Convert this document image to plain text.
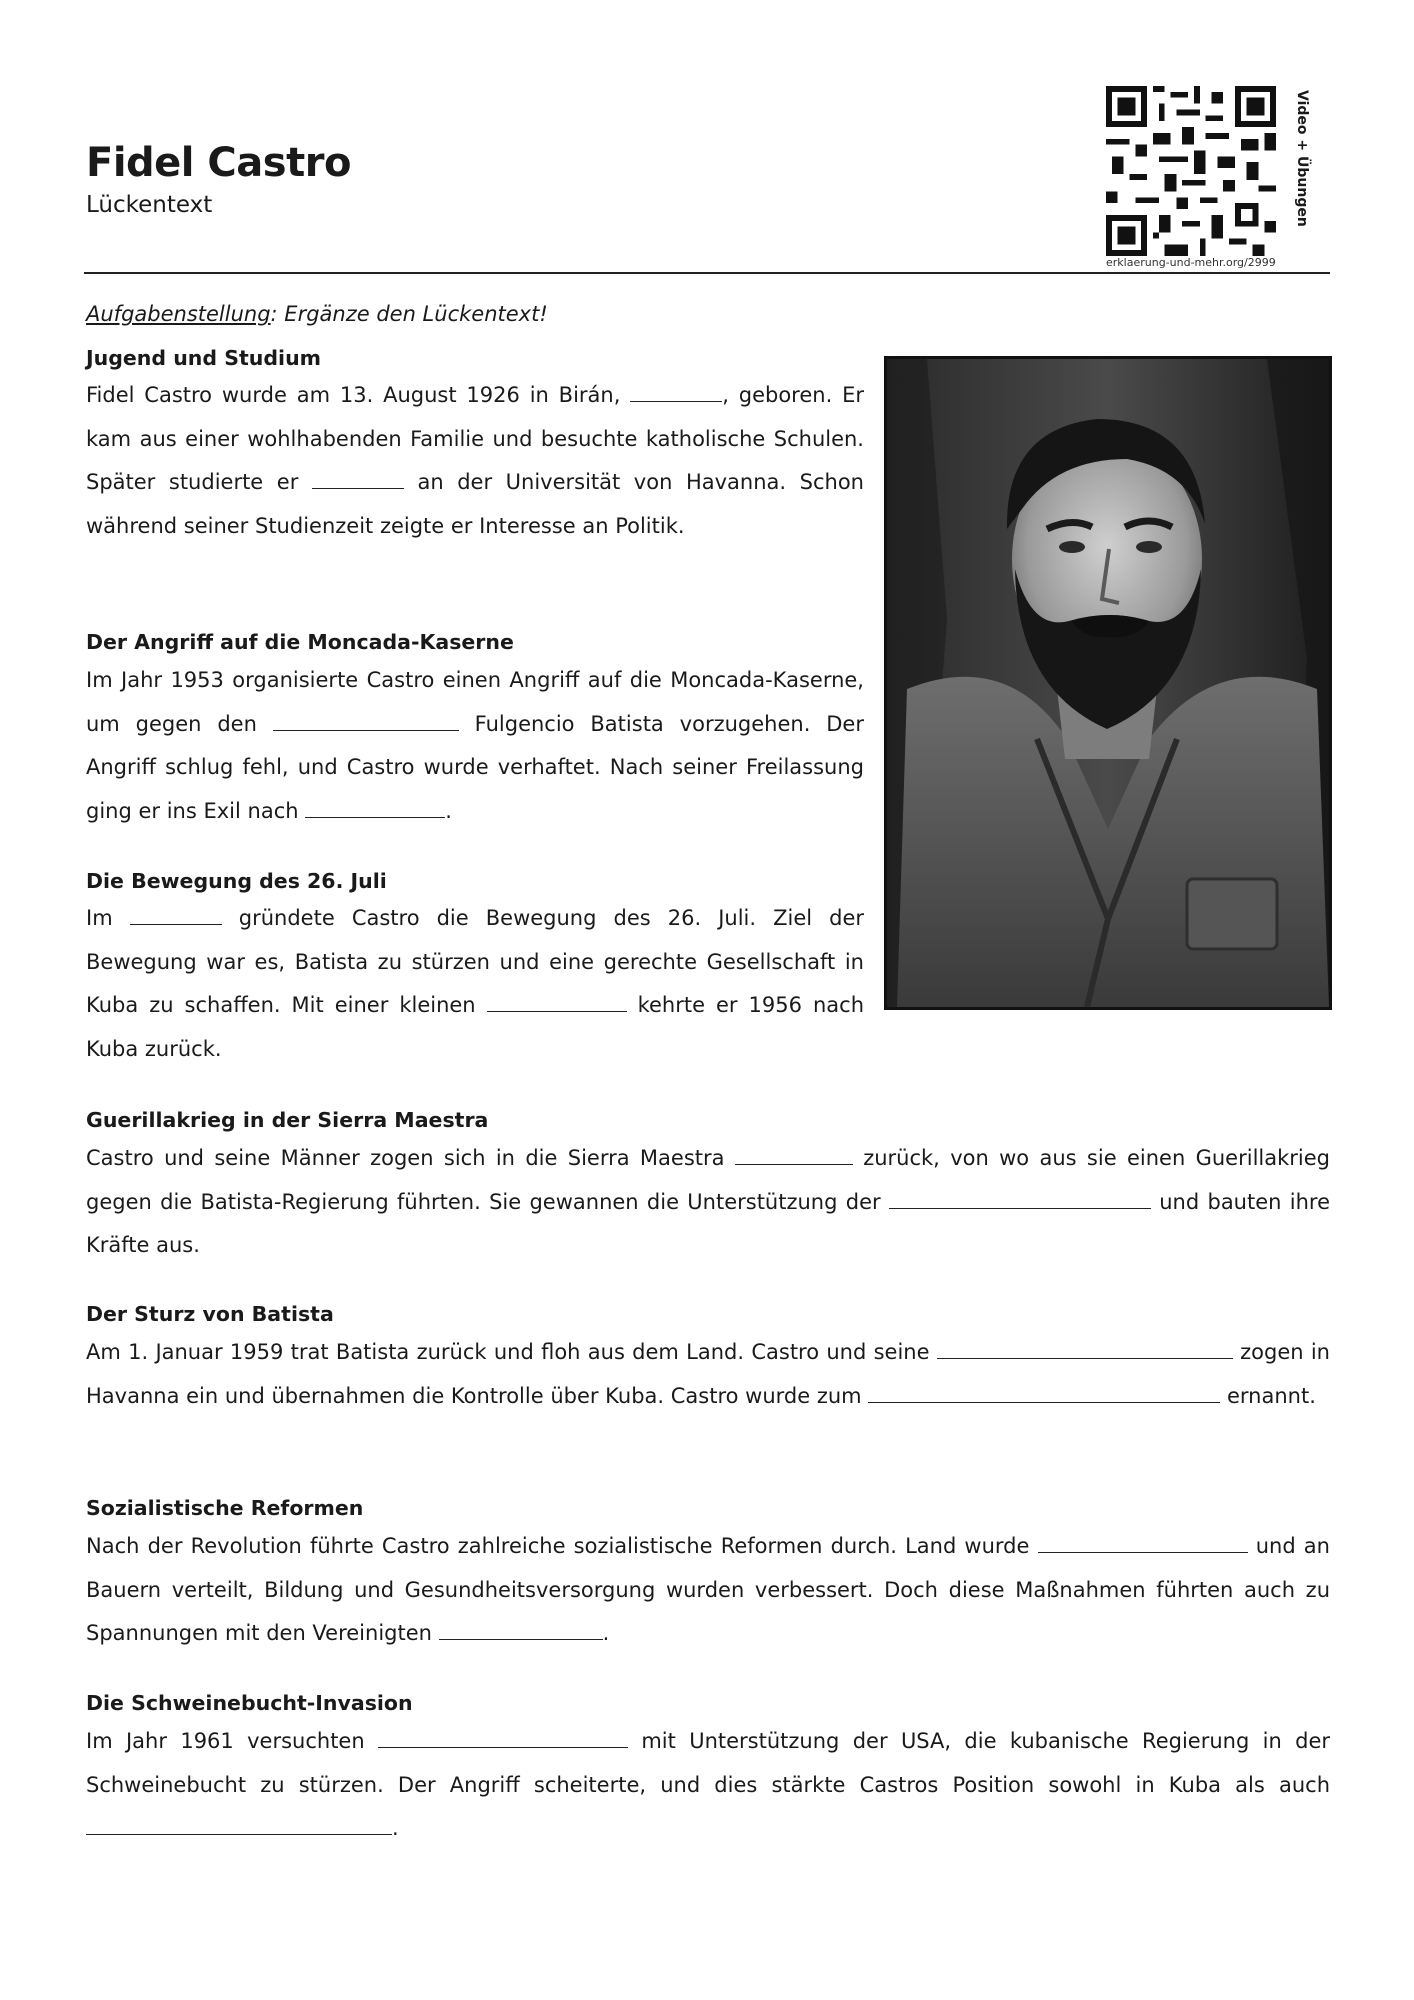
Fidel Castro
Lückentext
erklaerung-und-mehr.org/2999
Video + Übungen
Aufgabenstellung: Ergänze den Lückentext!
Jugend und Studium

Fidel Castro wurde am 13. August 1926 in Birán,	, geboren. Er kam aus einer wohlhabenden Familie und besuchte katholische Schulen. Später studierte er	an der Universität von Havanna. Schon während seiner Studienzeit zeigte er Interesse an Politik.

Der Angriff auf die Moncada-Kaserne

Im Jahr 1953 organisierte Castro einen Angriff auf die Moncada-Kaserne, um gegen den	Fulgencio Batista vorzugehen. Der Angriff schlug fehl, und Castro wurde verhaftet. Nach seiner Freilassung ging er ins Exil nach	.

Die Bewegung des 26. Juli

Im	gründete Castro die Bewegung des 26. Juli. Ziel der Bewegung war es, Batista zu stürzen und eine gerechte Gesellschaft in Kuba zu schaffen. Mit einer kleinen	kehrte er 1956 nach Kuba zurück.

Guerillakrieg in der Sierra Maestra

Castro und seine Männer zogen sich in die Sierra Maestra	zurück, von wo aus sie einen Guerillakrieg gegen die Batista-Regierung führten. Sie gewannen die Unterstützung der	und bauten ihre Kräfte aus.

Der Sturz von Batista

Am 1. Januar 1959 trat Batista zurück und floh aus dem Land. Castro und seine	zogen in Havanna ein und übernahmen die Kontrolle über Kuba. Castro wurde zum	ernannt.

Sozialistische Reformen

Nach der Revolution führte Castro zahlreiche sozialistische Reformen durch. Land wurde	und an Bauern verteilt, Bildung und Gesundheitsversorgung wurden verbessert. Doch diese Maßnahmen führten auch zu Spannungen mit den Vereinigten	.

Die Schweinebucht-Invasion

Im Jahr 1961 versuchten	mit Unterstützung der USA, die kubanische Regierung in der Schweinebucht zu stürzen. Der Angriff scheiterte, und dies stärkte Castros Position sowohl in Kuba als auch .
